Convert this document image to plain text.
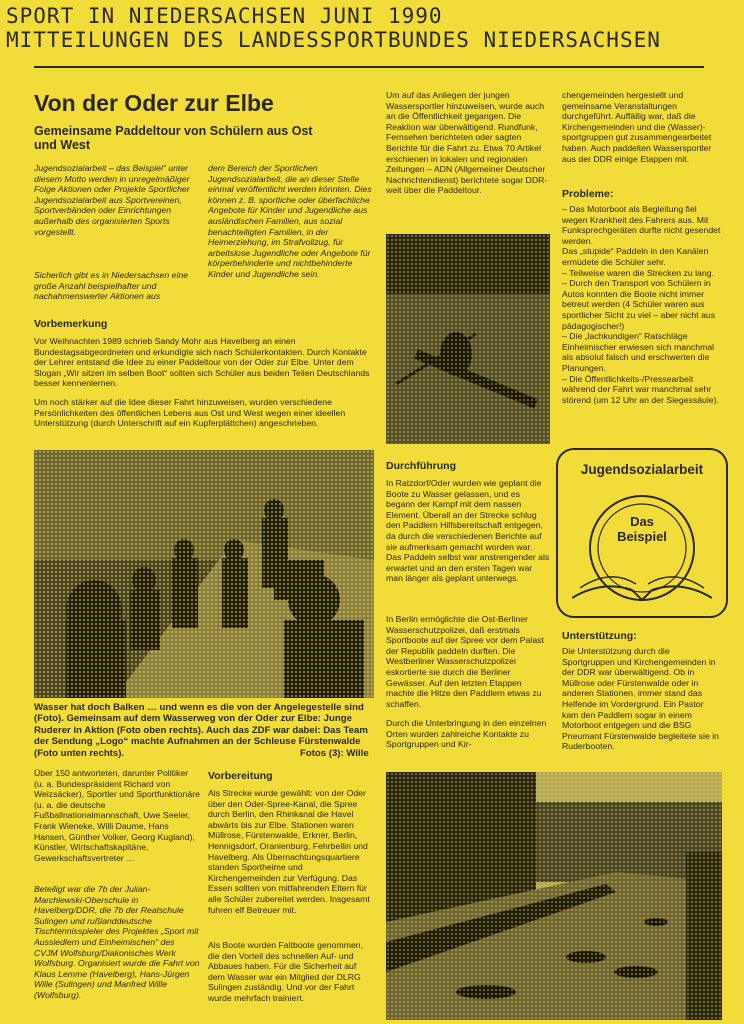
SPORT IN NIEDERSACHSEN JUNI 1990
MITTEILUNGEN DES LANDESSPORTBUNDES NIEDERSACHSEN
Von der Oder zur Elbe
Gemeinsame Paddeltour von Schülern aus Ost und West
Jugendsozialarbeit – das Beispiel“ unter diesem Motto werden in unregelmäßiger Folge Aktionen oder Projekte Sportlicher Jugendsozialarbeit aus Sportvereinen, Sportverbänden oder Einrichtungen außerhalb des organisierten Sports vorgestellt.
Sicherlich gibt es in Niedersachsen eine große Anzahl beispielhafter und nachahmenswerter Aktionen aus
dem Bereich der Sportlichen Jugendsozialarbeit, die an dieser Stelle einmal veröffentlicht werden könnten. Dies können z. B. sportliche oder überfachliche Angebote für Kinder und Jugendliche aus ausländischen Familien, aus sozial benachteiligten Familien, in der Heimerziehung, im Strafvollzug, für arbeitslose Jugendliche oder Angebote für körperbehinderte und nichtbehinderte Kinder und Jugendliche sein.
Vorbemerkung
Vor Weihnachten 1989 schrieb Sandy Mohr aus Havelberg an einen Bundestagsabgeordneten und erkundigte sich nach Schülerkontakten. Durch Kontakte der Lehrer entstand die Idee zu einer Paddeltour von der Oder zur Elbe. Unter dem Slogan „Wir sitzen im selben Boot“ sollten sich Schüler aus beiden Teilen Deutschlands besser kennenlernen.
Um noch stärker auf die Idee dieser Fahrt hinzuweisen, wurden verschiedene Persönlichkeiten des öffentlichen Lebens aus Ost und West wegen einer ideellen Unterstützung (durch Unterschrift auf ein Kupferplättchen) angeschrieben.
Wasser hat doch Balken … und wenn es die von der Angelegestelle sind (Foto). Gemeinsam auf dem Wasserweg von der Oder zur Elbe: Junge Ruderer in Aktion (Foto oben rechts). Auch das ZDF war dabei: Das Team der Sendung „Logo“ machte Aufnahmen an der Schleuse Fürstenwalde (Foto unten rechts).	Fotos (3): Wille
Über 150 antworteten, darunter Politiker (u. a. Bundespräsident Richard von Weizsäcker), Sportler und Sportfunktionäre (u. a. die deutsche Fußballnationalmannschaft, Uwe Seeler, Frank Wieneke, Willi Daume, Hans Hansen, Günther Volker, Georg Kugland), Künstler, Wirtschaftskapitäne, Gewerkschaftsvertreter …
Beteiligt war die 7b der Julian-Marchlewski-Oberschule in Havelberg/DDR, die 7b der Realschule Sulingen und rußlanddeutsche Tischtennisspieler des Projektes „Sport mit Aussiedlern und Einheimischen“ des CVJM Wolfsburg/Diakonisches Werk Wolfsburg. Organisiert wurde die Fahrt von Klaus Lemme (Havelberg), Hans-Jürgen Wille (Sulingen) und Manfred Wille (Wolfsburg).
Vorbereitung
Als Strecke wurde gewählt: von der Oder über den Oder-Spree-Kanal, die Spree durch Berlin, den Rhinkanal die Havel abwärts bis zur Elbe. Stationen waren Müllrose, Fürstenwalde, Erkner, Berlin, Hennigsdorf, Oranienburg, Fehrbellin und Havelberg. Als Übernachtungsquartiere standen Sportheime und Kirchengemeinden zur Verfügung. Das Essen sollten von mitfahrenden Eltern für alle Schüler zubereitet werden. Insgesamt fuhren elf Betreuer mit.
Als Boote wurden Faltboote genommen, die den Vorteil des schnellen Auf- und Abbaues haben. Für die Sicherheit auf dem Wasser war ein Mitglied der DLRG Sulingen zuständig. Und vor der Fahrt wurde mehrfach trainiert.
Um auf das Anliegen der jungen Wassersportler hinzuweisen, wurde auch an die Öffentlichkeit gegangen. Die Reaktion war überwältigend. Rundfunk, Fernsehen berichteten oder sagten Berichte für die Fahrt zu. Etwa 70 Artikel erschienen in lokalen und regionalen Zeitungen – ADN (Allgemeiner Deutscher Nachrichtendienst) berichtete sogar DDR-weit über die Paddeltour.
Durchführung
In Ratzdorf/Oder wurden wie geplant die Boote zu Wasser gelassen, und es begann der Kampf mit dem nassen Element. Überall an der Strecke schlug den Paddlern Hilfsbereitschaft entgegen, da durch die verschiedenen Berichte auf sie aufmerksam gemacht worden war. Das Paddeln selbst war anstrengender als erwartet und an den ersten Tagen war man länger als geplant unterwegs.
In Berlin ermöglichte die Ost-Berliner Wasserschutzpolizei, daß erstmals Sportboote auf der Spree vor dem Palast der Republik paddeln durften. Die Westberliner Wasserschutzpolizei eskortierte sie durch die Berliner Gewässer. Auf den letzten Etappen machte die Hitze den Paddlern etwas zu schaffen.
Durch die Unterbringung in den einzelnen Orten wurden zahlreiche Kontakte zu Sportgruppen und Kir-
chengemeinden hergestellt und gemeinsame Veranstaltungen durchgeführt. Auffällig war, daß die Kirchengemeinden und die (Wasser)-sportgruppen gut zusammengearbeitet haben. Auch paddelten Wassersportler aus der DDR einige Etappen mit.
Probleme:
– Das Motorboot als Begleitung fiel wegen Krankheit des Fahrers aus. Mit Funksprechgeräten durfte nicht gesendet werden.
Das „stupide“ Paddeln in den Kanälen ermüdete die Schüler sehr.
– Teilweise waren die Strecken zu lang.
– Durch den Transport von Schülern in Autos konnten die Boote nicht immer betreut werden (4 Schüler waren aus sportlicher Sicht zu viel – aber nicht aus pädagogischer!)
– Die „lachkundigen“ Ratschläge Einheimischer erwiesen sich manchmal als absolut falsch und erschwerten die Planungen.
– Die Öffentlichkeits-/Pressearbeit während der Fahrt war manchmal sehr störend (um 12 Uhr an der Siegessäule).
Jugendsozialarbeit
Das
Beispiel
Unterstützung:
Die Unterstützung durch die Sportgruppen und Kirchengemeinden in der DDR war überwältigend. Ob in Müllrose oder Fürstenwalde oder in anderen Stationen, immer stand das Helfende im Vordergrund. Ein Pastor kam den Paddlern sogar in einem Motorboot entgegen und die BSG Pneumant Fürstenwalde begleitete sie in Ruderbooten.
